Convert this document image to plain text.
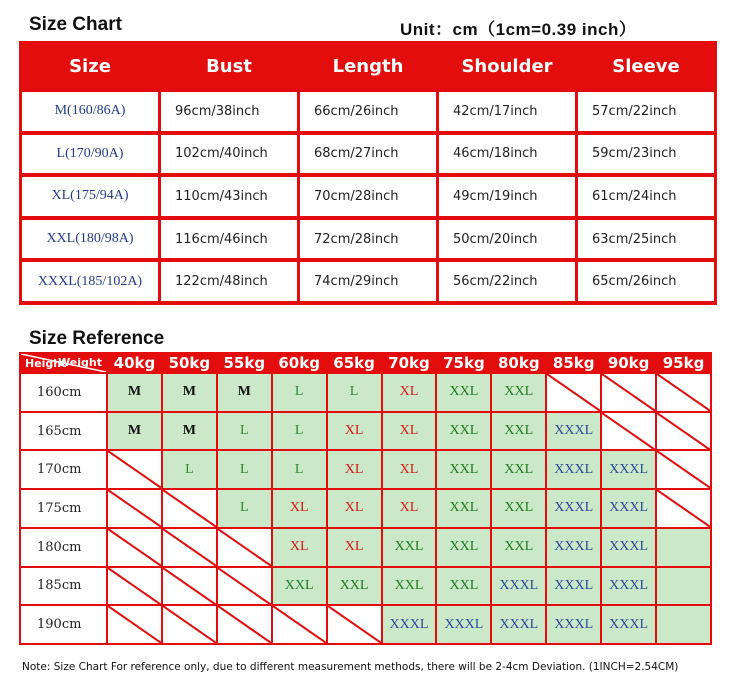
Size Chart	Unit：cm（1cm=0.39 inch）
Size	Bust	Length	Shoulder	Sleeve
M(160/86A)	96cm/38inch	66cm/26inch	42cm/17inch	57cm/22inch
L(170/90A)	102cm/40inch	68cm/27inch	46cm/18inch	59cm/23inch
XL(175/94A)	110cm/43inch	70cm/28inch	49cm/19inch	61cm/24inch
XXL(180/98A)	116cm/46inch	72cm/28inch	50cm/20inch	63cm/25inch
XXXL(185/102A)	122cm/48inch	74cm/29inch	56cm/22inch	65cm/26inch
Size Reference
Weight
Height	40kg	50kg	55kg	60kg	65kg	70kg	75kg	80kg	85kg	90kg	95kg
160cm	M	M	M	L	L	XL	XXL	XXL	

165cm	M	M	L	L	XL	XL	XXL	XXL	XXXL	

170cm		L	L	L	XL	XL	XXL	XXL	XXXL	XXXL	

175cm			L	XL	XL	XL	XXL	XXL	XXXL	XXXL	

180cm				XL	XL	XXL	XXL	XXL	XXXL	XXXL	
185cm				XXL	XXL	XXL	XXL	XXXL	XXXL	XXXL	
190cm						XXXL	XXXL	XXXL	XXXL	XXXL	
Note: Size Chart For reference only, due to different measurement methods, there will be 2-4cm Deviation. (1INCH=2.54CM)
